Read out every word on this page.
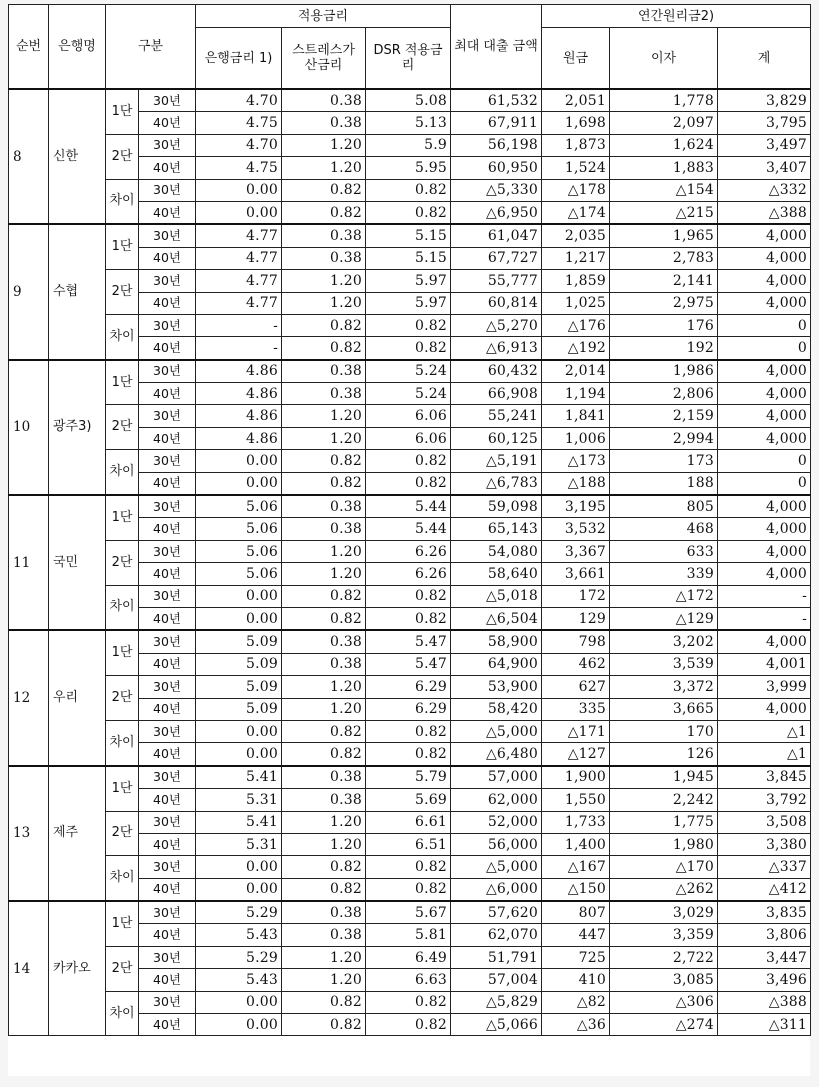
순번	은행명	구분		적용금리			최대 대출 금액	연간원리금2)		
				은행금리 1)	스트레스가 산금리	DSR 적용금리		원금	이자	계
8	신한	1단	30년	4.70	0.38	5.08	61,532	2,051	1,778	3,829
			40년	4.75	0.38	5.13	67,911	1,698	2,097	3,795
		2단	30년	4.70	1.20	5.9	56,198	1,873	1,624	3,497
			40년	4.75	1.20	5.95	60,950	1,524	1,883	3,407
		차이	30년	0.00	0.82	0.82	△5,330	△178	△154	△332
			40년	0.00	0.82	0.82	△6,950	△174	△215	△388
9	수협	1단	30년	4.77	0.38	5.15	61,047	2,035	1,965	4,000
			40년	4.77	0.38	5.15	67,727	1,217	2,783	4,000
		2단	30년	4.77	1.20	5.97	55,777	1,859	2,141	4,000
			40년	4.77	1.20	5.97	60,814	1,025	2,975	4,000
		차이	30년	-	0.82	0.82	△5,270	△176	176	0
			40년	-	0.82	0.82	△6,913	△192	192	0
10	광주3)	1단	30년	4.86	0.38	5.24	60,432	2,014	1,986	4,000
			40년	4.86	0.38	5.24	66,908	1,194	2,806	4,000
		2단	30년	4.86	1.20	6.06	55,241	1,841	2,159	4,000
			40년	4.86	1.20	6.06	60,125	1,006	2,994	4,000
		차이	30년	0.00	0.82	0.82	△5,191	△173	173	0
			40년	0.00	0.82	0.82	△6,783	△188	188	0
11	국민	1단	30년	5.06	0.38	5.44	59,098	3,195	805	4,000
			40년	5.06	0.38	5.44	65,143	3,532	468	4,000
		2단	30년	5.06	1.20	6.26	54,080	3,367	633	4,000
			40년	5.06	1.20	6.26	58,640	3,661	339	4,000
		차이	30년	0.00	0.82	0.82	△5,018	172	△172	-
			40년	0.00	0.82	0.82	△6,504	129	△129	-
12	우리	1단	30년	5.09	0.38	5.47	58,900	798	3,202	4,000
			40년	5.09	0.38	5.47	64,900	462	3,539	4,001
		2단	30년	5.09	1.20	6.29	53,900	627	3,372	3,999
			40년	5.09	1.20	6.29	58,420	335	3,665	4,000
		차이	30년	0.00	0.82	0.82	△5,000	△171	170	△1
			40년	0.00	0.82	0.82	△6,480	△127	126	△1
13	제주	1단	30년	5.41	0.38	5.79	57,000	1,900	1,945	3,845
			40년	5.31	0.38	5.69	62,000	1,550	2,242	3,792
		2단	30년	5.41	1.20	6.61	52,000	1,733	1,775	3,508
			40년	5.31	1.20	6.51	56,000	1,400	1,980	3,380
		차이	30년	0.00	0.82	0.82	△5,000	△167	△170	△337
			40년	0.00	0.82	0.82	△6,000	△150	△262	△412
14	카카오	1단	30년	5.29	0.38	5.67	57,620	807	3,029	3,835
			40년	5.43	0.38	5.81	62,070	447	3,359	3,806
		2단	30년	5.29	1.20	6.49	51,791	725	2,722	3,447
			40년	5.43	1.20	6.63	57,004	410	3,085	3,496
		차이	30년	0.00	0.82	0.82	△5,829	△82	△306	△388
			40년	0.00	0.82	0.82	△5,066	△36	△274	△311
